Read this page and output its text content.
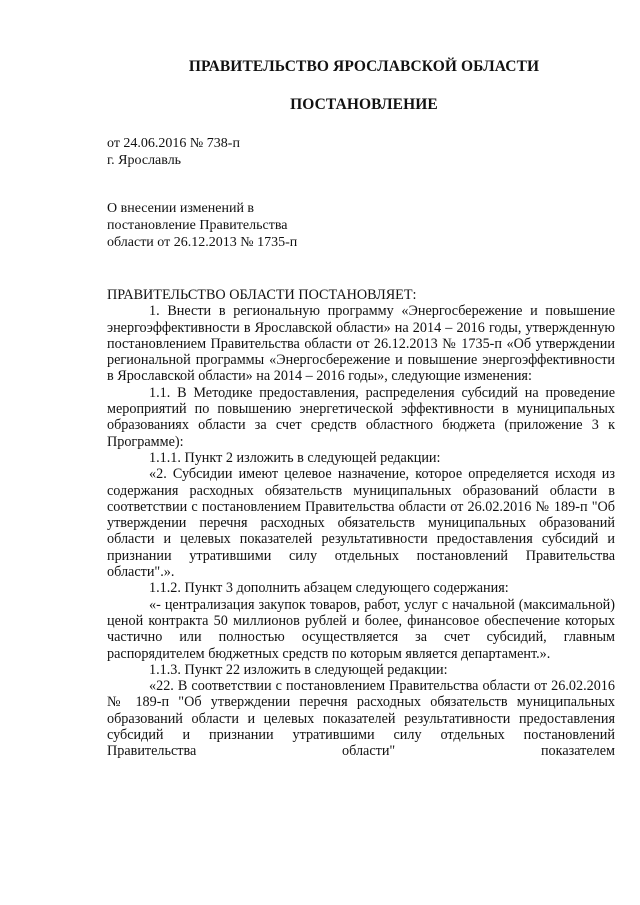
ПРАВИТЕЛЬСТВО ЯРОСЛАВСКОЙ ОБЛАСТИ
ПОСТАНОВЛЕНИЕ
от 24.06.2016 № 738-п
г. Ярославль
О внесении изменений в
постановление Правительства
области от 26.12.2013 № 1735-п

ПРАВИТЕЛЬСТВО ОБЛАСТИ ПОСТАНОВЛЯЕТ:

1. Внести в региональную программу «Энергосбережение и повышение энергоэффективности в Ярославской области» на 2014 – 2016 годы, утвержденную постановлением Правительства области от 26.12.2013 № 1735-п «Об утверждении региональной программы «Энергосбережение и повышение энергоэффективности в Ярославской области» на 2014 – 2016 годы», следующие изменения:

1.1. В Методике предоставления, распределения субсидий на проведение мероприятий по повышению энергетической эффективности в муниципальных образованиях области за счет средств областного бюджета (приложение 3 к Программе):

1.1.1. Пункт 2 изложить в следующей редакции:

«2. Субсидии имеют целевое назначение, которое определяется исходя из содержания расходных обязательств муниципальных образований области в соответствии с постановлением Правительства области от 26.02.2016 № 189-п "Об утверждении перечня расходных обязательств муниципальных образований области и целевых показателей результативности предоставления субсидий и признании утратившими силу отдельных постановлений Правительства области".».

1.1.2. Пункт 3 дополнить абзацем следующего содержания:

«- централизация закупок товаров, работ, услуг с начальной (максимальной) ценой контракта 50 миллионов рублей и более, финансовое обеспечение которых частично или полностью осуществляется за счет субсидий, главным распорядителем бюджетных средств по которым является департамент.».

1.1.3. Пункт 22 изложить в следующей редакции:

«22. В соответствии с постановлением Правительства области от 26.02.2016 № 189-п "Об утверждении перечня расходных обязательств муниципальных образований области и целевых показателей результативности предоставления субсидий и признании утратившими силу отдельных постановлений Правительства области" показателем
